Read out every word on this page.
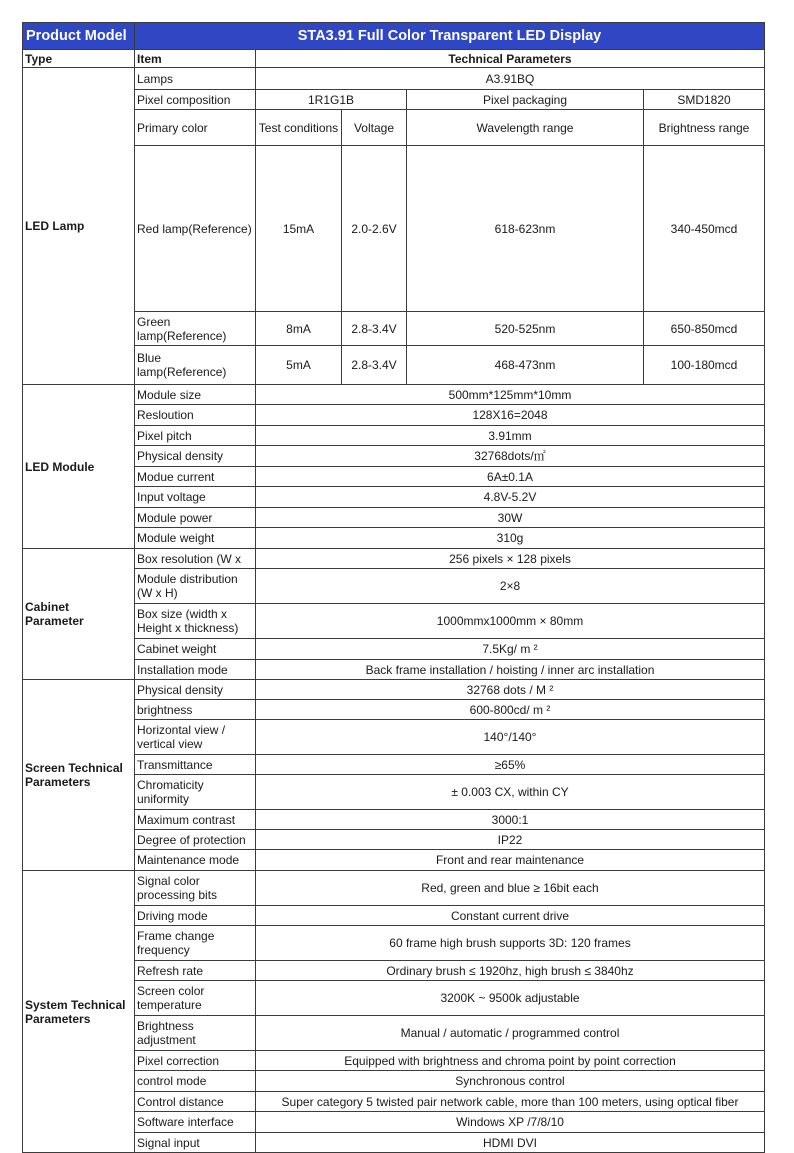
Product Model	STA3.91 Full Color Transparent LED Display					
Type	Item	Technical Parameters				
LED Lamp	Lamps	A3.91BQ				
	Pixel composition	1R1G1B		Pixel packaging	SMD1820	
	Primary color	Test conditions	Voltage	Wavelength range	Brightness range	
	Red lamp(Reference)	15mA	2.0-2.6V	618-623nm	340-450mcd	
	Green
lamp(Reference)	8mA	2.8-3.4V	520-525nm	650-850mcd	
	Blue lamp(Reference)	5mA	2.8-3.4V	468-473nm	100-180mcd	
LED Module	Module size	500mm*125mm*10mm				
	Resloution	128X16=2048				
	Pixel pitch	3.91mm				
	Physical density	32768dots/㎡				
	Modue current	6A±0.1A				
	Input voltage	4.8V-5.2V				
	Module power	30W				
	Module weight	310g				
Cabinet
Parameter	Box resolution (W x	256 pixels × 128 pixels				
	Module distribution
(W x H)	2×8				
	Box size (width x
Height x thickness)	1000mmx1000mm × 80mm				
	Cabinet weight	7.5Kg/ m ²				
	Installation mode	Back frame installation / hoisting / inner arc installation				
Screen Technical
Parameters	Physical density	32768 dots / M ²				
	brightness	600-800cd/ m ²				
	Horizontal view /
vertical view	140°/140°				
	Transmittance	≥65%				
	Chromaticity
uniformity	± 0.003 CX, within CY				
	Maximum contrast	3000:1				
	Degree of protection	IP22				
	Maintenance mode	Front and rear maintenance				
System Technical
Parameters	Signal color
processing bits	Red, green and blue ≥ 16bit each				
	Driving mode	Constant current drive				
	Frame change
frequency	60 frame high brush supports 3D: 120 frames				
	Refresh rate	Ordinary brush ≤ 1920hz, high brush ≤ 3840hz				
	Screen color
temperature	3200K ~ 9500k adjustable				
	Brightness
adjustment	Manual / automatic / programmed control				
	Pixel correction	Equipped with brightness and chroma point by point correction				
	control mode	Synchronous control				
	Control distance	Super category 5 twisted pair network cable, more than 100 meters, using optical fiber				
	Software interface	Windows XP /7/8/10				
	Signal input	HDMI DVI				
